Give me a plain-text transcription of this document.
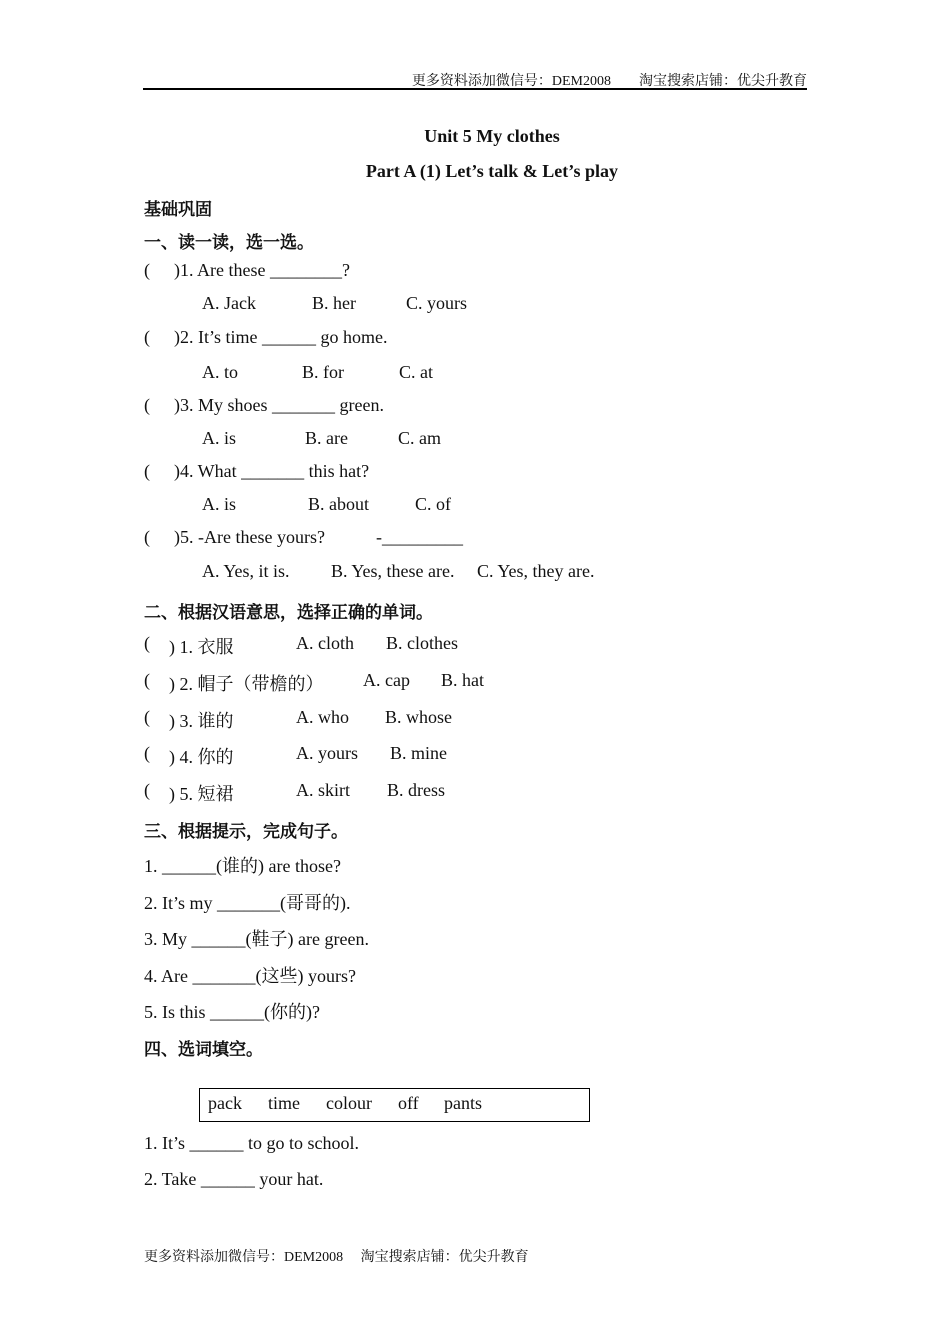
更多资料添加微信号：DEM2008　　淘宝搜索店铺：优尖升教育
Unit 5 My clothes
Part A (1) Let’s talk & Let’s play
基础巩固
一、读一读，选一选。
( )1. Are these ________?
A. Jack	B. her	C. yours
( )2. It’s time ______ go home.
A. to	B. for	C. at
( )3. My shoes _______ green.
A. is	B. are	C. am
( )4. What _______ this hat?
A. is	B. about	C. of
( )5. -Are these yours?	-_________
A. Yes, it is. B. Yes, these are. C. Yes, they are.
二、根据汉语意思，选择正确的单词。
( ) 1. 衣服	A. cloth B. clothes
( ) 2. 帽子（带檐的） A. cap B. hat
( ) 3. 谁的	A. who B. whose
( ) 4. 你的	A. yours B. mine
( ) 5. 短裙	A. skirt B. dress
三、根据提示，完成句子。
1. ______(谁的) are those?
2. It’s my _______(哥哥的).
3. My ______(鞋子) are green.
4. Are _______(这些) yours?
5. Is this ______(你的)?
四、选词填空。
pack time colour off pants
1. It’s ______ to go to school.
2. Take ______ your hat.
更多资料添加微信号：DEM2008　 淘宝搜索店铺：优尖升教育
